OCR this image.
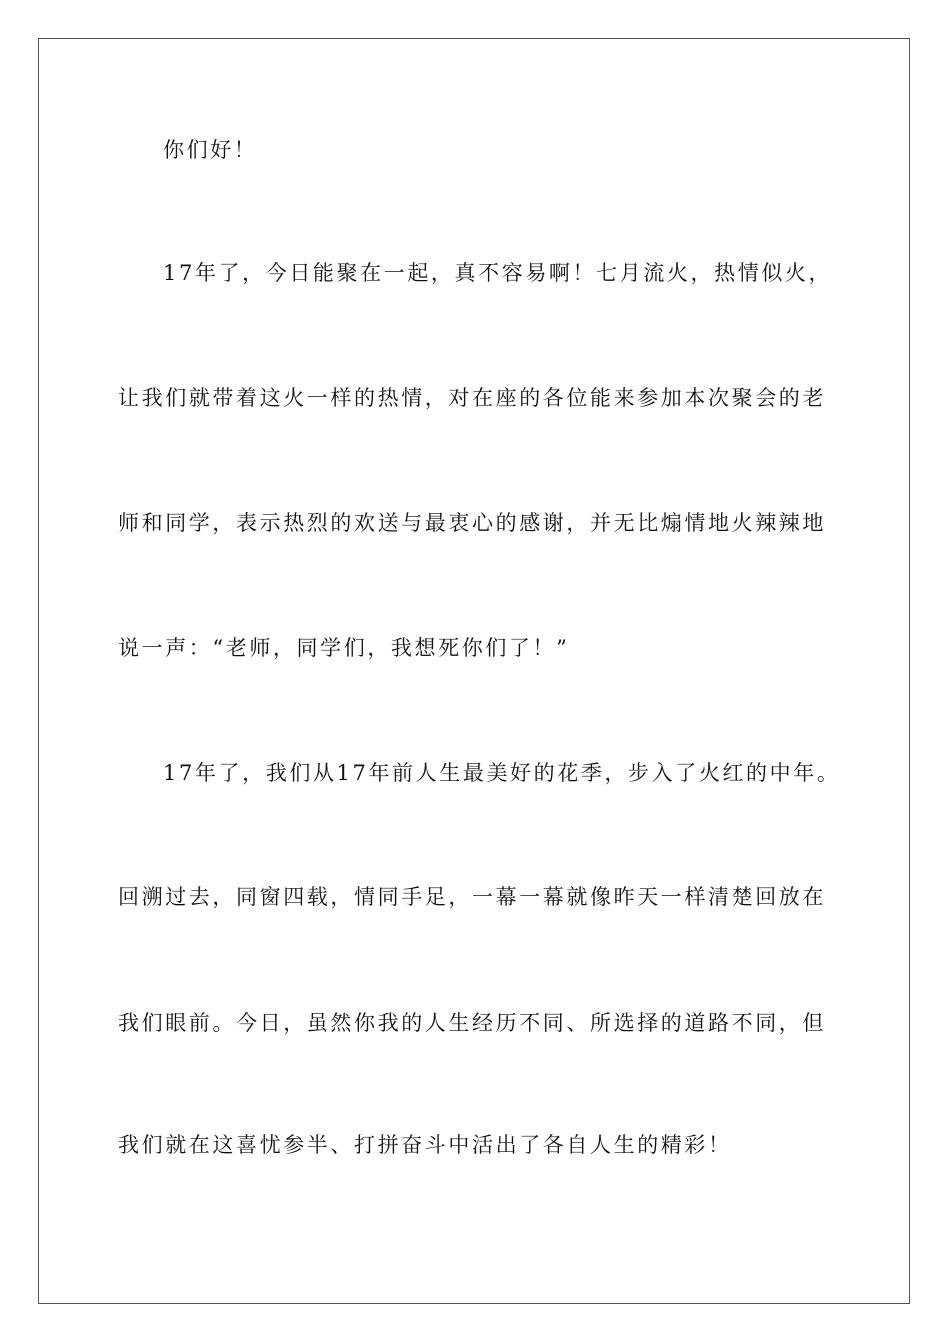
你们好！
17年了，今日能聚在一起，真不容易啊！七月流火，热情似火，
让我们就带着这火一样的热情，对在座的各位能来参加本次聚会的老
师和同学，表示热烈的欢送与最衷心的感谢，并无比煽情地火辣辣地
说一声：“老师，同学们，我想死你们了！”
17年了，我们从17年前人生最美好的花季，步入了火红的中年。
回溯过去，同窗四载，情同手足，一幕一幕就像昨天一样清楚回放在
我们眼前。今日，虽然你我的人生经历不同、所选择的道路不同，但
我们就在这喜忧参半、打拼奋斗中活出了各自人生的精彩！
